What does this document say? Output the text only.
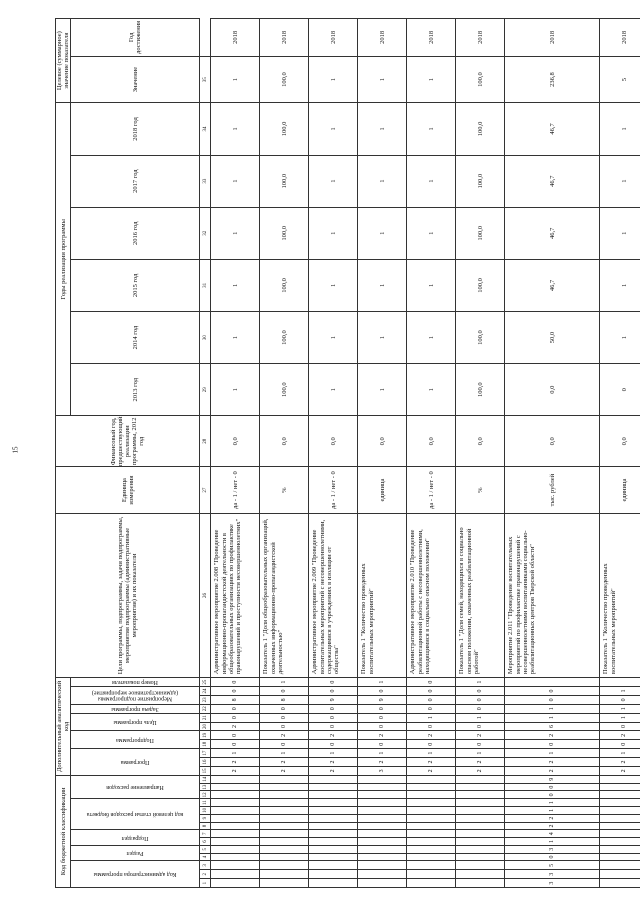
15
Код бюджетной классификации														Дополнительный аналитический код											Цели программы, подпрограммы, задачи подпрограммы, мероприятия подпрограммы (административные мероприятия) и их показатели	Единица измерения	Финансовый год, предшествующий реализации программы, 2012 год	Годы реализации программы						Целевое (суммарное) значение показателя	

Код администратора программы			Раздел		Подраздел		код целевой статьи расходов бюджета				Направление расходов			Программа			Подпрограмма		Цель программы		Задача программы	Мероприятие подпрограммы (административное мероприятие)		Номер показателя				2013 год	2014 год	2015 год	2016 год	2017 год	2018 год	Значение	Год достижения
1	2	3	4	5	6	7	8	9	10	11	12	13	14	15	16	17	18	19	20	21	22	23	24	25	26	27	28	29	30	31	32	33	34	35	
														2	2	1	0	0	2	0	0	8	0	0	Административное мероприятие 2.008 "Проведение информационно-пропагандистской деятельности в общеобразовательных организациях по профилактике правонарушений и преступности несовершеннолетних"	да - 1 / нет - 0	0,0	1	1	1	1	1	1	1	2018
														2	2	1	0	2	0	0	0	8	0	1	Показатель 1 "Доля общеобразовательных организаций, охваченных информационно-пропагандистской деятельностью"	%	0,0	100,0	100,0	100,0	100,0	100,0	100,0	100,0	2018
														2	2	1	0	2	0	0	0	9	0	0	Административное мероприятие 2.009 "Проведение воспитательных мероприятий с несовершеннолетними, содержащимися в учреждениях в изоляции от общества"	да - 1 / нет - 0	0,0	1	1	1	1	1	1	1	2018
														3	2	1	0	2	0	0	0	9	0	1	Показатель 1 "Количество проведенных воспитательных мероприятий"	единица	0,0	1	1	1	1	1	1	1	2018
														2	2	1	0	2	0	1	0	0	0	0	Административное мероприятие 2.010 "Проведение реабилитационной работы с несовершеннолетними, находящимися в социально опасном положении"	да - 1 / нет - 0	0,0	1	1	1	1	1	1	1	2018
														2	2	1	0	2	0	1	0	0	0	1	Показатель 1 "Доля семей, находящихся в социально опасном положении, охваченных реабилитационной работой"	%	0,0	100,0	100,0	100,0	100,0	100,0	100,0	100,0	2018
3	3	5	0	3	1	4	2	2	1	1	0	0	9	2	2	1	0	2	6	1	1	0	0		Мероприятие 2.011 "Проведение воспитательных мероприятий по профилактике правонарушений с несовершеннолетними воспитанниками социально-реабилитационных центров Тверской области"	тыс. рублей	0,0	0,0	50,0	46,7	46,7	46,7	46,7	236,8	2018
														2	2	1	0	2	0	1	1	0	1		Показатель 1 "Количество проведенных воспитательных мероприятий"	единица	0,0	0	1	1	1	1	1	5	2018
